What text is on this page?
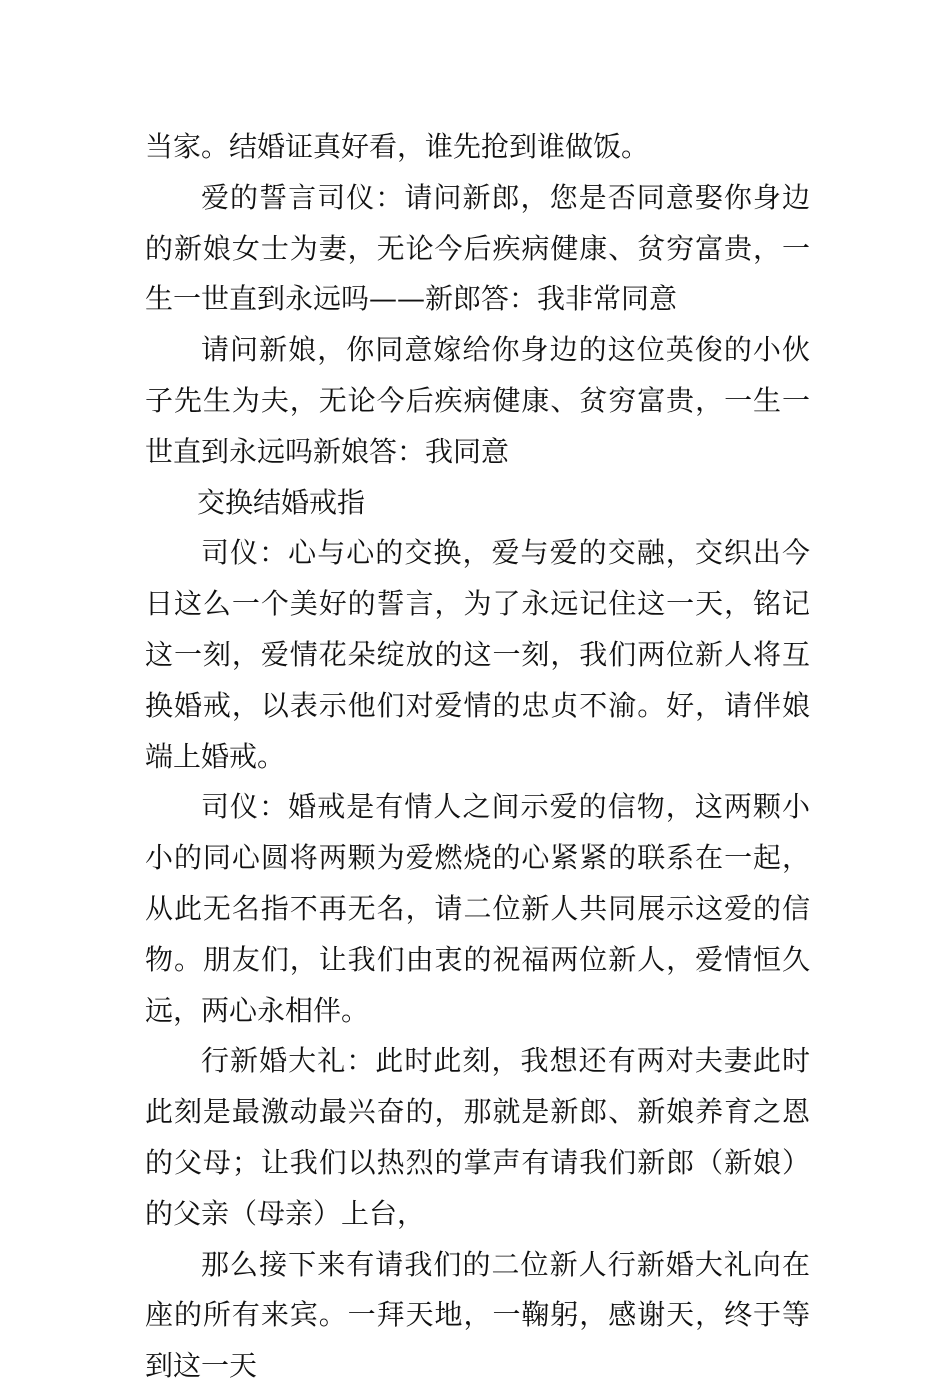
当家。结婚证真好看，谁先抢到谁做饭。

爱的誓言司仪：请问新郎，您是否同意娶你身边的新娘女士为妻，无论今后疾病健康、贫穷富贵，一生一世直到永远吗——新郎答：我非常同意

请问新娘，你同意嫁给你身边的这位英俊的小伙子先生为夫，无论今后疾病健康、贫穷富贵，一生一世直到永远吗新娘答：我同意

交换结婚戒指

司仪：心与心的交换，爱与爱的交融，交织出今日这么一个美好的誓言，为了永远记住这一天，铭记这一刻，爱情花朵绽放的这一刻，我们两位新人将互换婚戒，以表示他们对爱情的忠贞不渝。好，请伴娘端上婚戒。

司仪：婚戒是有情人之间示爱的信物，这两颗小小的同心圆将两颗为爱燃烧的心紧紧的联系在一起，从此无名指不再无名，请二位新人共同展示这爱的信物。朋友们，让我们由衷的祝福两位新人，爱情恒久远，两心永相伴。

行新婚大礼：此时此刻，我想还有两对夫妻此时此刻是最激动最兴奋的，那就是新郎、新娘养育之恩的父母；让我们以热烈的掌声有请我们新郎（新娘）的父亲（母亲）上台，

那么接下来有请我们的二位新人行新婚大礼向在座的所有来宾。一拜天地，一鞠躬，感谢天，终于等到这一天
